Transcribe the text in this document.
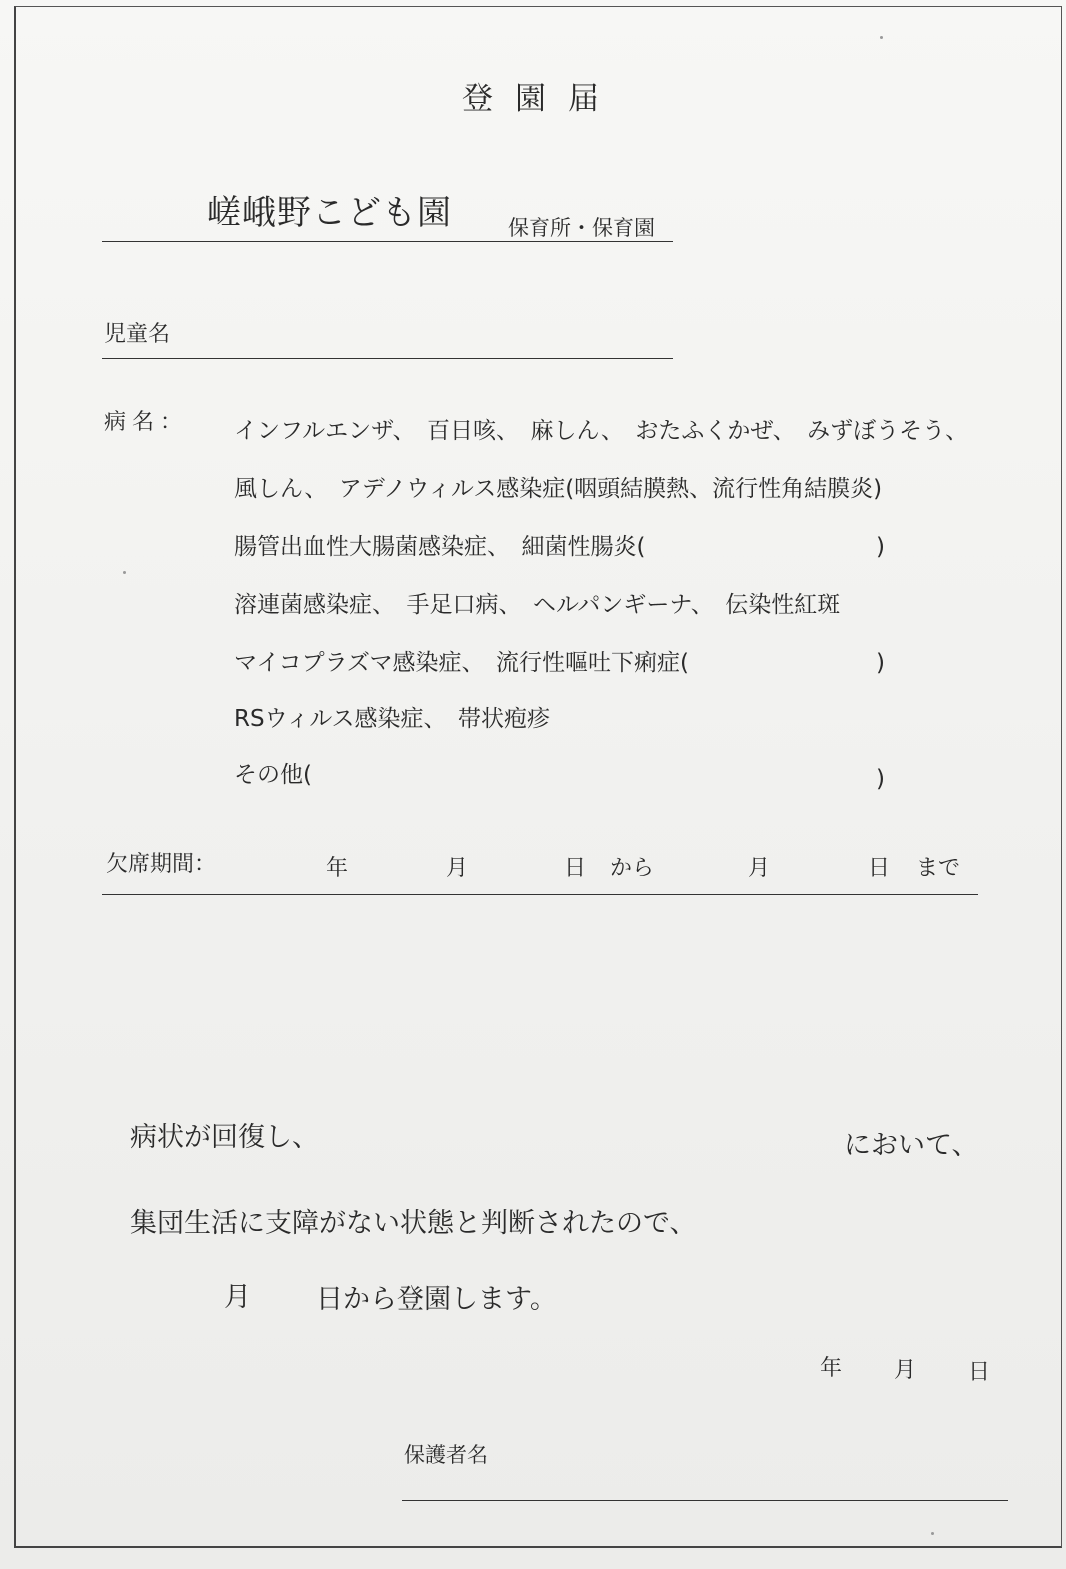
登園届
嵯峨野こども園	保育所・保育園
児童名
病名： インフルエンザ、　百日咳、　麻しん、　おたふくかぜ、　みずぼうそう、
風しん、　アデノウィルス感染症(咽頭結膜熱、流行性角結膜炎)
腸管出血性大腸菌感染症、　細菌性腸炎(	)
溶連菌感染症、　手足口病、　ヘルパンギーナ、　伝染性紅斑
マイコプラズマ感染症、　流行性嘔吐下痢症(	)
RSウィルス感染症、　帯状疱疹
その他(	)
欠席期間：	年	月	日 から	月	日 まで
病状が回復し、	において、
集団生活に支障がない状態と判断されたので、
月 日から登園します。
年 月 日
保護者名
